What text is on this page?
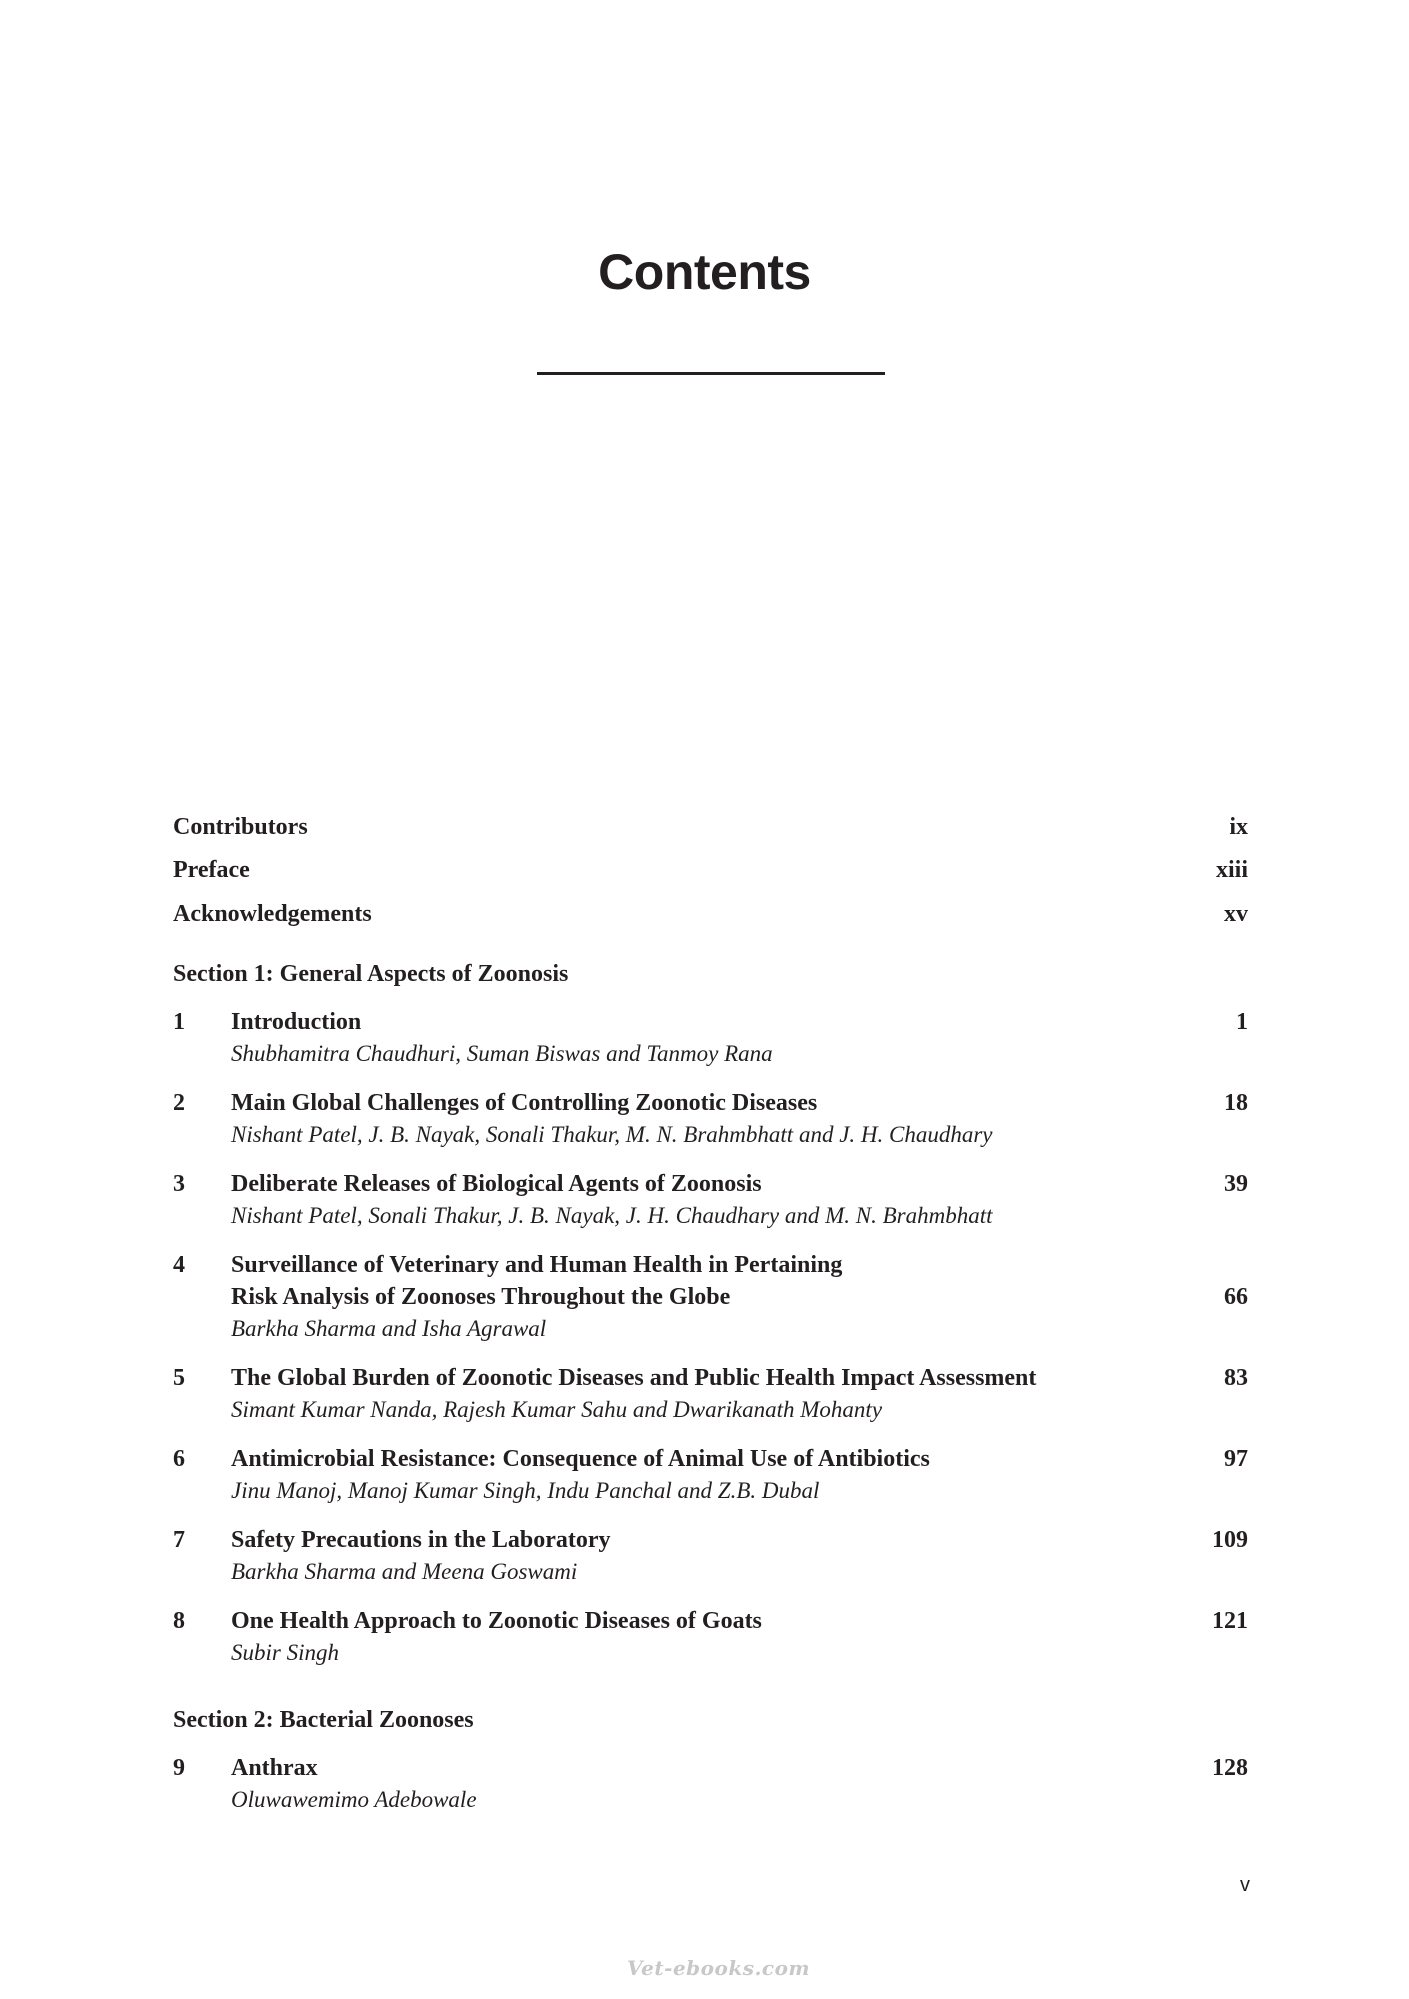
Contents
Contributors	ix
Preface	xiii
Acknowledgements	xv
Section 1: General Aspects of Zoonosis
1 Introduction	1
Shubhamitra Chaudhuri, Suman Biswas and Tanmoy Rana
2 Main Global Challenges of Controlling Zoonotic Diseases	18
Nishant Patel, J. B. Nayak, Sonali Thakur, M. N. Brahmbhatt and J. H. Chaudhary
3 Deliberate Releases of Biological Agents of Zoonosis	39
Nishant Patel, Sonali Thakur, J. B. Nayak, J. H. Chaudhary and M. N. Brahmbhatt
4 Surveillance of Veterinary and Human Health in Pertaining
Risk Analysis of Zoonoses Throughout the Globe	66
Barkha Sharma and Isha Agrawal
5 The Global Burden of Zoonotic Diseases and Public Health Impact Assessment	83
Simant Kumar Nanda, Rajesh Kumar Sahu and Dwarikanath Mohanty
6 Antimicrobial Resistance: Consequence of Animal Use of Antibiotics	97
Jinu Manoj, Manoj Kumar Singh, Indu Panchal and Z.B. Dubal
7 Safety Precautions in the Laboratory	109
Barkha Sharma and Meena Goswami
8 One Health Approach to Zoonotic Diseases of Goats	121
Subir Singh
Section 2: Bacterial Zoonoses
9 Anthrax	128
Oluwawemimo Adebowale
v
Vet-ebooks.com
